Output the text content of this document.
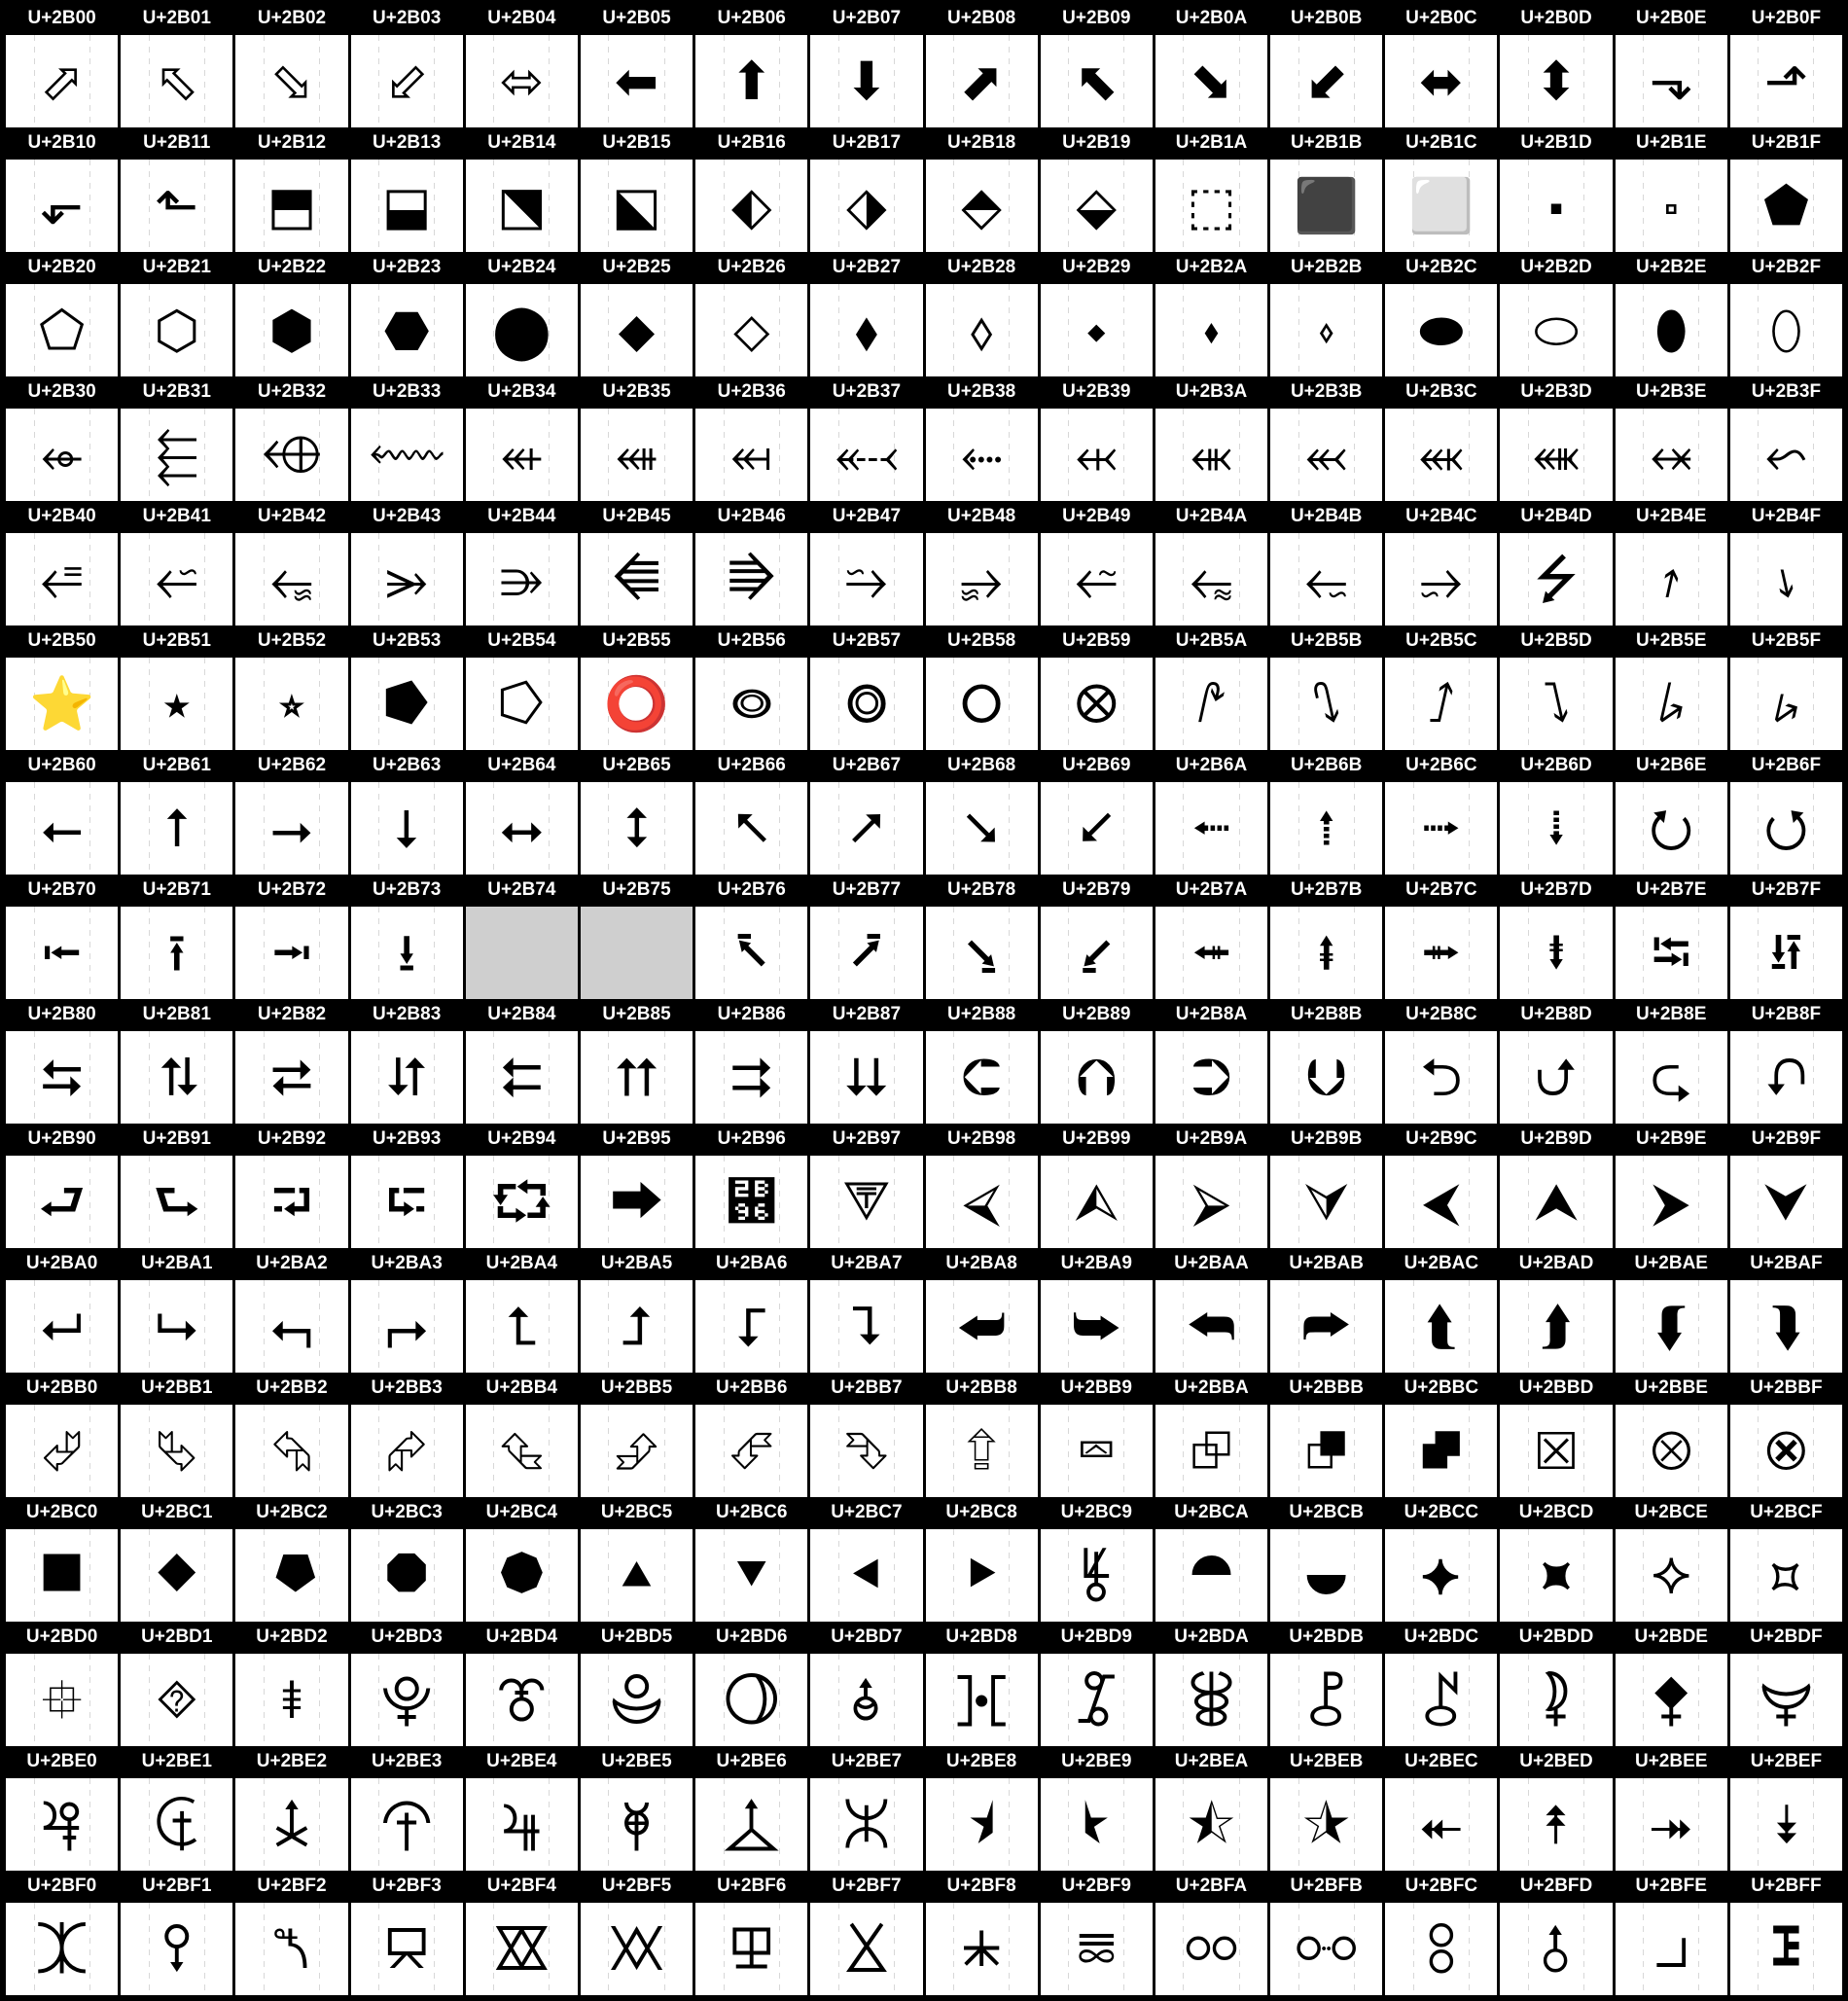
U+2B00
⬀
U+2B01
⬁
U+2B02
⬂
U+2B03
⬃
U+2B04
⬄
U+2B05
⬅
U+2B06
⬆
U+2B07
⬇
U+2B08
⬈
U+2B09
⬉
U+2B0A
⬊
U+2B0B
⬋
U+2B0C
⬌
U+2B0D
⬍
U+2B0E
⬎
U+2B0F
⬏
U+2B10
⬐
U+2B11
⬑
U+2B12
⬒
U+2B13
⬓
U+2B14
⬔
U+2B15
⬕
U+2B16
⬖
U+2B17
⬗
U+2B18
⬘
U+2B19
⬙
U+2B1A
⬚
U+2B1B
⬛
U+2B1C
⬜
U+2B1D
⬝
U+2B1E
⬞
U+2B1F
⬟
U+2B20
⬠
U+2B21
⬡
U+2B22
⬢
U+2B23
⬣
U+2B24
⬤
U+2B25
⬥
U+2B26
⬦
U+2B27
⬧
U+2B28
⬨
U+2B29
⬩
U+2B2A
⬪
U+2B2B
⬫
U+2B2C
⬬
U+2B2D
⬭
U+2B2E
⬮
U+2B2F
⬯
U+2B30
⬰
U+2B31
⬱
U+2B32
⬲
U+2B33
⬳
U+2B34
⬴
U+2B35
⬵
U+2B36
⬶
U+2B37
⬷
U+2B38
⬸
U+2B39
⬹
U+2B3A
⬺
U+2B3B
⬻
U+2B3C
⬼
U+2B3D
⬽
U+2B3E
⬾
U+2B3F
⬿
U+2B40
⭀
U+2B41
⭁
U+2B42
⭂
U+2B43
⭃
U+2B44
⭄
U+2B45
⭅
U+2B46
⭆
U+2B47
⭇
U+2B48
⭈
U+2B49
⭉
U+2B4A
⭊
U+2B4B
⭋
U+2B4C
⭌
U+2B4D
⭍
U+2B4E
⭎
U+2B4F
⭏
U+2B50
⭐
U+2B51
⭑
U+2B52
⭒
U+2B53
⭓
U+2B54
⭔
U+2B55
⭕
U+2B56
⭖
U+2B57
⭗
U+2B58
⭘
U+2B59
⭙
U+2B5A
⭚
U+2B5B
⭛
U+2B5C
⭜
U+2B5D
⭝
U+2B5E
⭞
U+2B5F
⭟
U+2B60
⭠
U+2B61
⭡
U+2B62
⭢
U+2B63
⭣
U+2B64
⭤
U+2B65
⭥
U+2B66
⭦
U+2B67
⭧
U+2B68
⭨
U+2B69
⭩
U+2B6A
⭪
U+2B6B
⭫
U+2B6C
⭬
U+2B6D
⭭
U+2B6E
⭮
U+2B6F
⭯
U+2B70
⭰
U+2B71
⭱
U+2B72
⭲
U+2B73
⭳
U+2B74	U+2B75	U+2B76
⭶
U+2B77
⭷
U+2B78
⭸
U+2B79
⭹
U+2B7A
⭺
U+2B7B
⭻
U+2B7C
⭼
U+2B7D
⭽
U+2B7E
⭾
U+2B7F
⭿
U+2B80
⮀
U+2B81
⮁
U+2B82
⮂
U+2B83
⮃
U+2B84
⮄
U+2B85
⮅
U+2B86
⮆
U+2B87
⮇
U+2B88
⮈
U+2B89
⮉
U+2B8A
⮊
U+2B8B
⮋
U+2B8C
⮌
U+2B8D
⮍
U+2B8E
⮎
U+2B8F
⮏
U+2B90
⮐
U+2B91
⮑
U+2B92
⮒
U+2B93
⮓
U+2B94
⮔
U+2B95
⮕
U+2B96
⮖
U+2B97
⮗
U+2B98
⮘
U+2B99
⮙
U+2B9A
⮚
U+2B9B
⮛
U+2B9C
⮜
U+2B9D
⮝
U+2B9E
⮞
U+2B9F
⮟
U+2BA0
⮠
U+2BA1
⮡
U+2BA2
⮢
U+2BA3
⮣
U+2BA4
⮤
U+2BA5
⮥
U+2BA6
⮦
U+2BA7
⮧
U+2BA8
⮨
U+2BA9
⮩
U+2BAA
⮪
U+2BAB
⮫
U+2BAC
⮬
U+2BAD
⮭
U+2BAE
⮮
U+2BAF
⮯
U+2BB0
⮰
U+2BB1
⮱
U+2BB2
⮲
U+2BB3
⮳
U+2BB4
⮴
U+2BB5
⮵
U+2BB6
⮶
U+2BB7
⮷
U+2BB8
⮸
U+2BB9
⮹
U+2BBA
⮺
U+2BBB
⮻
U+2BBC
⮼
U+2BBD
⮽
U+2BBE
⮾
U+2BBF
⮿
U+2BC0
⯀
U+2BC1
⯁
U+2BC2
⯂
U+2BC3
⯃
U+2BC4
⯄
U+2BC5
⯅
U+2BC6
⯆
U+2BC7
⯇
U+2BC8
⯈
U+2BC9
⯉
U+2BCA
⯊
U+2BCB
⯋
U+2BCC
⯌
U+2BCD
⯍
U+2BCE
⯎
U+2BCF
⯏
U+2BD0
⯐
U+2BD1
⯑
U+2BD2
⯒
U+2BD3
⯓
U+2BD4
⯔
U+2BD5
⯕
U+2BD6
⯖
U+2BD7
⯗
U+2BD8
⯘
U+2BD9
⯙
U+2BDA
⯚
U+2BDB
⯛
U+2BDC
⯜
U+2BDD
⯝
U+2BDE
⯞
U+2BDF
⯟
U+2BE0
⯠
U+2BE1
⯡
U+2BE2
⯢
U+2BE3
⯣
U+2BE4
⯤
U+2BE5
⯥
U+2BE6
⯦
U+2BE7
⯧
U+2BE8
⯨
U+2BE9
⯩
U+2BEA
⯪
U+2BEB
⯫
U+2BEC
⯬
U+2BED
⯭
U+2BEE
⯮
U+2BEF
⯯
U+2BF0
⯰
U+2BF1
⯱
U+2BF2
⯲
U+2BF3
⯳
U+2BF4
⯴
U+2BF5
⯵
U+2BF6
⯶
U+2BF7
⯷
U+2BF8
⯸
U+2BF9
⯹
U+2BFA
⯺
U+2BFB
⯻
U+2BFC
⯼
U+2BFD
⯽
U+2BFE
⯾
U+2BFF
⯿
